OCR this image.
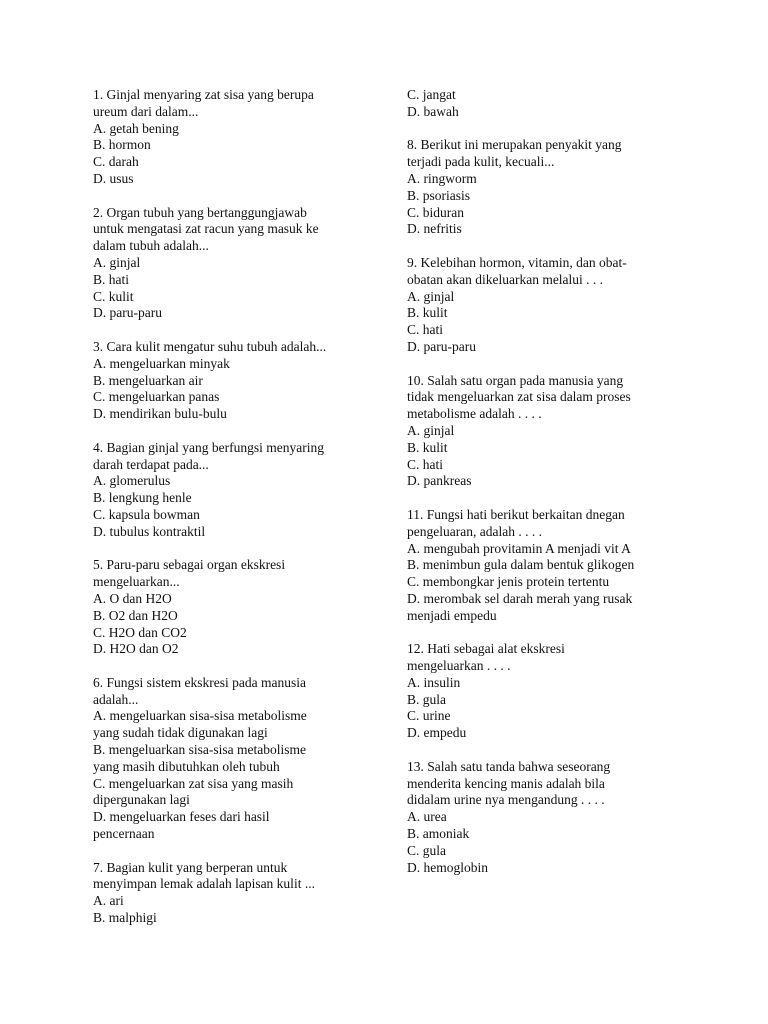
1. Ginjal menyaring zat sisa yang berupa
ureum dari dalam...
A. getah bening
B. hormon
C. darah
D. usus
2. Organ tubuh yang bertanggungjawab
untuk mengatasi zat racun yang masuk ke
dalam tubuh adalah...
A. ginjal
B. hati
C. kulit
D. paru-paru
3. Cara kulit mengatur suhu tubuh adalah...
A. mengeluarkan minyak
B. mengeluarkan air
C. mengeluarkan panas
D. mendirikan bulu-bulu
4. Bagian ginjal yang berfungsi menyaring
darah terdapat pada...
A. glomerulus
B. lengkung henle
C. kapsula bowman
D. tubulus kontraktil
5. Paru-paru sebagai organ ekskresi
mengeluarkan...
A. O dan H2O
B. O2 dan H2O
C. H2O dan CO2
D. H2O dan O2
6. Fungsi sistem ekskresi pada manusia
adalah...
A. mengeluarkan sisa-sisa metabolisme
yang sudah tidak digunakan lagi
B. mengeluarkan sisa-sisa metabolisme
yang masih dibutuhkan oleh tubuh
C. mengeluarkan zat sisa yang masih
dipergunakan lagi
D. mengeluarkan feses dari hasil
pencernaan
7. Bagian kulit yang berperan untuk
menyimpan lemak adalah lapisan kulit ...
A. ari
B. malphigi
C. jangat
D. bawah
8. Berikut ini merupakan penyakit yang
terjadi pada kulit, kecuali...
A. ringworm
B. psoriasis
C. biduran
D. nefritis
9. Kelebihan hormon, vitamin, dan obat-
obatan akan dikeluarkan melalui . . .
A. ginjal
B. kulit
C. hati
D. paru-paru
10. Salah satu organ pada manusia yang
tidak mengeluarkan zat sisa dalam proses
metabolisme adalah . . . .
A. ginjal
B. kulit
C. hati
D. pankreas
11. Fungsi hati berikut berkaitan dnegan
pengeluaran, adalah . . . .
A. mengubah provitamin A menjadi vit A
B. menimbun gula dalam bentuk glikogen
C. membongkar jenis protein tertentu
D. merombak sel darah merah yang rusak
menjadi empedu
12. Hati sebagai alat ekskresi
mengeluarkan . . . .
A. insulin
B. gula
C. urine
D. empedu
13. Salah satu tanda bahwa seseorang
menderita kencing manis adalah bila
didalam urine nya mengandung . . . .
A. urea
B. amoniak
C. gula
D. hemoglobin
